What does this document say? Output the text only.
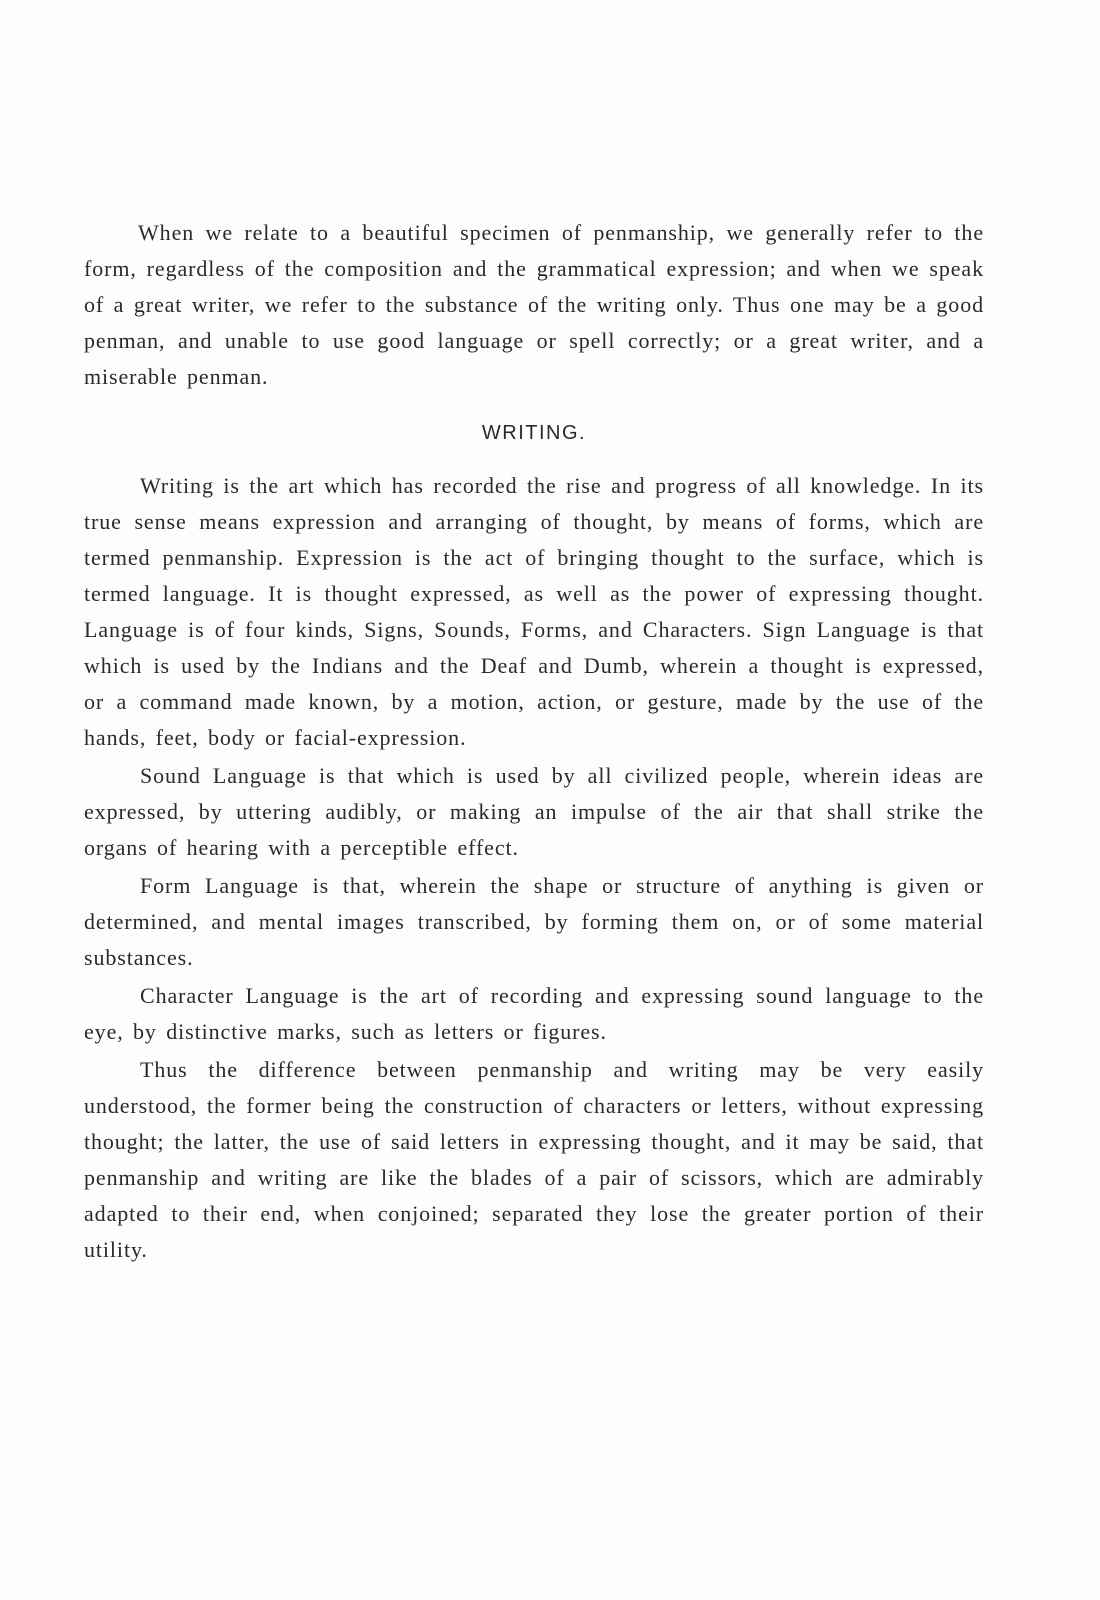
When we relate to a beautiful specimen of penmanship, we generally refer to the form, regardless of the composition and the grammatical expression; and when we speak of a great writer, we refer to the substance of the writing only. Thus one may be a good penman, and unable to use good language or spell correctly; or a great writer, and a miserable penman.

WRITING.

Writing is the art which has recorded the rise and progress of all knowledge. In its true sense means expression and arranging of thought, by means of forms, which are termed penmanship. Expression is the act of bringing thought to the surface, which is termed language. It is thought expressed, as well as the power of expressing thought. Language is of four kinds, Signs, Sounds, Forms, and Characters. Sign Language is that which is used by the Indians and the Deaf and Dumb, wherein a thought is expressed, or a command made known, by a motion, action, or gesture, made by the use of the hands, feet, body or facial-expression.

Sound Language is that which is used by all civilized people, wherein ideas are expressed, by uttering audibly, or making an impulse of the air that shall strike the organs of hearing with a perceptible effect.

Form Language is that, wherein the shape or structure of anything is given or determined, and mental images transcribed, by forming them on, or of some material substances.

Character Language is the art of recording and expressing sound language to the eye, by distinctive marks, such as letters or figures.

Thus the difference between penmanship and writing may be very easily understood, the former being the construction of characters or letters, without expressing thought; the latter, the use of said letters in expressing thought, and it may be said, that penmanship and writing are like the blades of a pair of scissors, which are admirably adapted to their end, when conjoined; separated they lose the greater portion of their utility.
